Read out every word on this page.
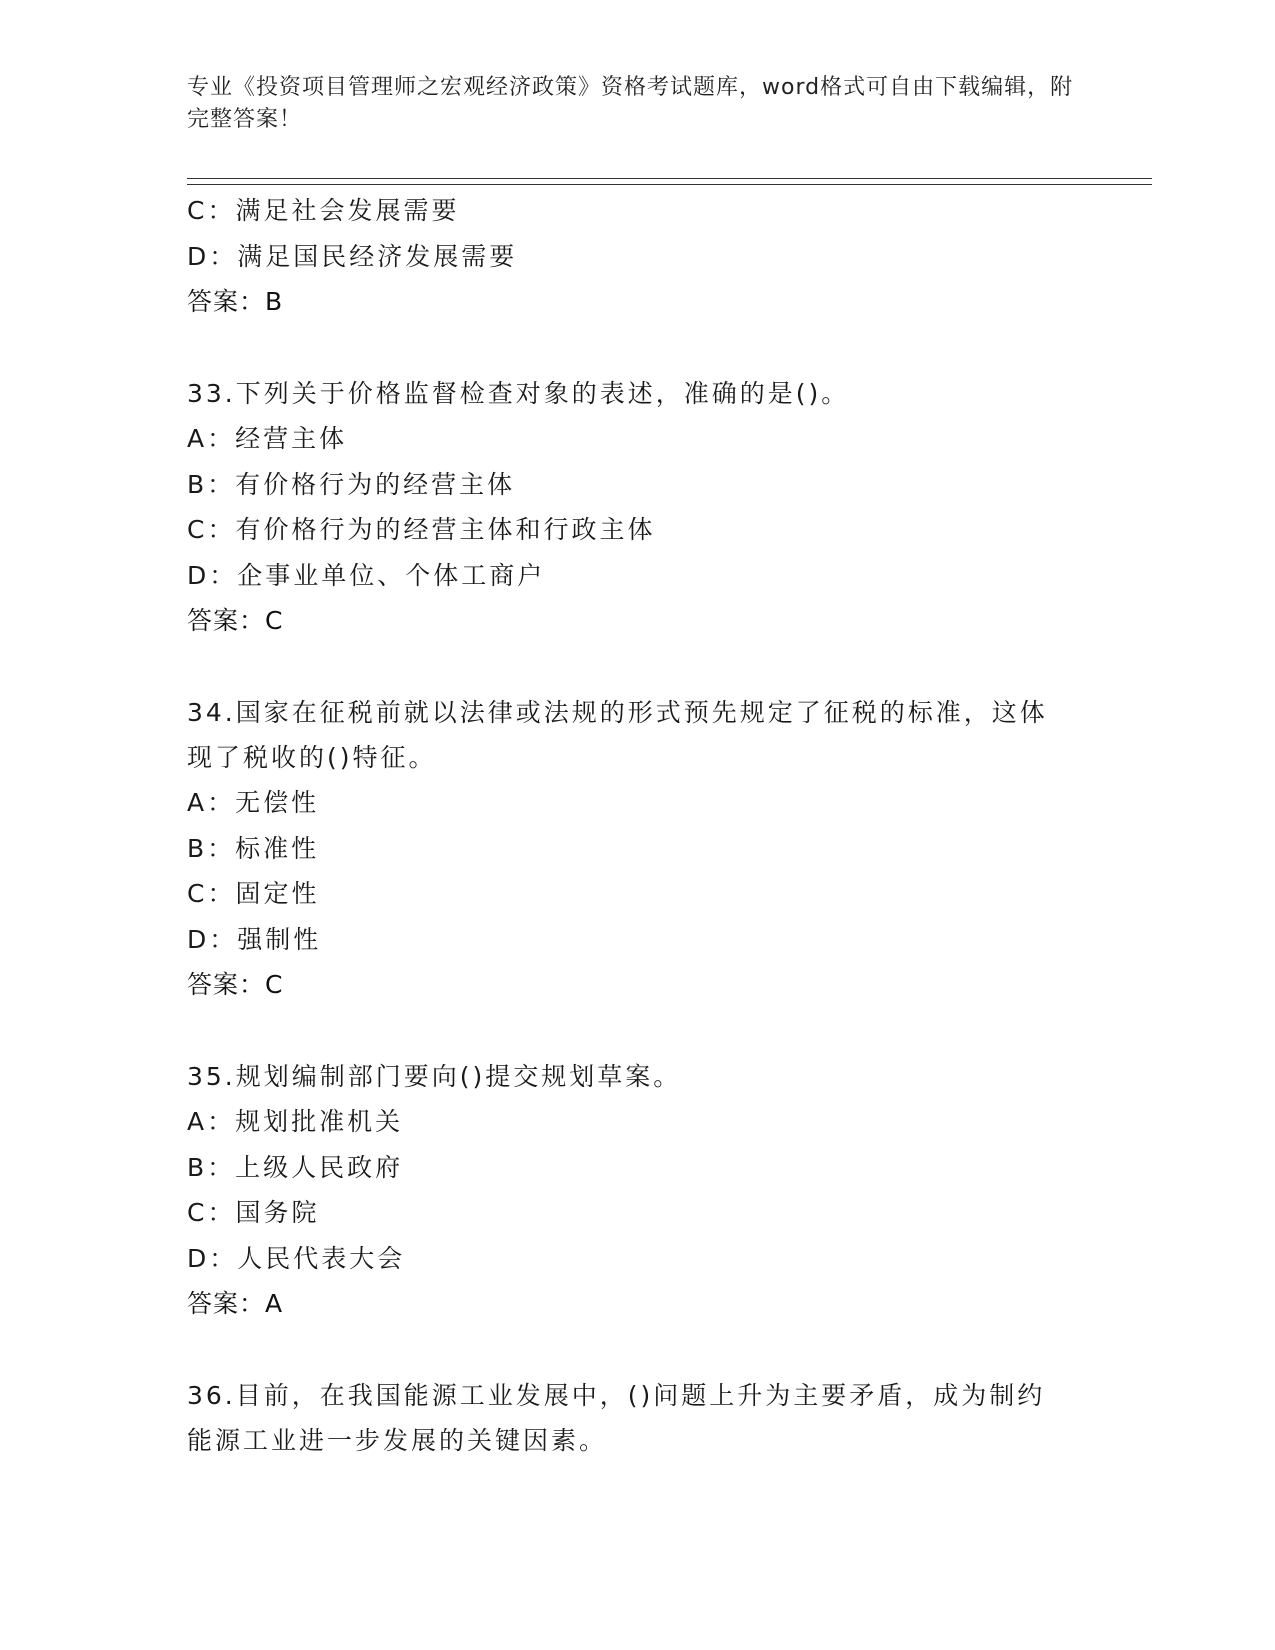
专业《投资项目管理师之宏观经济政策》资格考试题库，word格式可自由下载编辑，附完整答案！
C：满足社会发展需要
D：满足国民经济发展需要
答案：B
33.下列关于价格监督检查对象的表述，准确的是()。
A：经营主体
B：有价格行为的经营主体
C：有价格行为的经营主体和行政主体
D：企事业单位、个体工商户
答案：C
34.国家在征税前就以法律或法规的形式预先规定了征税的标准，这体现了税收的()特征。
A：无偿性
B：标准性
C：固定性
D：强制性
答案：C
35.规划编制部门要向()提交规划草案。
A：规划批准机关
B：上级人民政府
C：国务院
D：人民代表大会
答案：A
36.目前，在我国能源工业发展中，()问题上升为主要矛盾，成为制约能源工业进一步发展的关键因素。
